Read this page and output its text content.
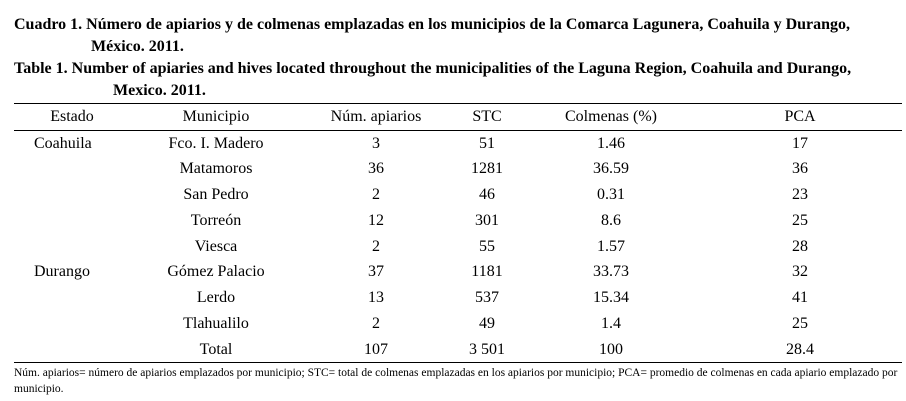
Cuadro 1. Número de apiarios y de colmenas emplazadas en los municipios de la Comarca Lagunera, Coahuila y Durango,
México. 2011.
Table 1. Number of apiaries and hives located throughout the municipalities of the Laguna Region, Coahuila and Durango,
Mexico. 2011.
Estado	Municipio	Núm. apiarios	STC	Colmenas (%)	PCA
Coahuila	Fco. I. Madero	3	51	1.46	17
	Matamoros	36	1281	36.59	36
	San Pedro	2	46	0.31	23
	Torreón	12	301	8.6	25
	Viesca	2	55	1.57	28
Durango	Gómez Palacio	37	1181	33.73	32
	Lerdo	13	537	15.34	41
	Tlahualilo	2	49	1.4	25
	Total	107	3 501	100	28.4
Núm. apiarios= número de apiarios emplazados por municipio; STC= total de colmenas emplazadas en los apiarios por municipio; PCA= promedio de colmenas en cada apiario emplazado por municipio.
